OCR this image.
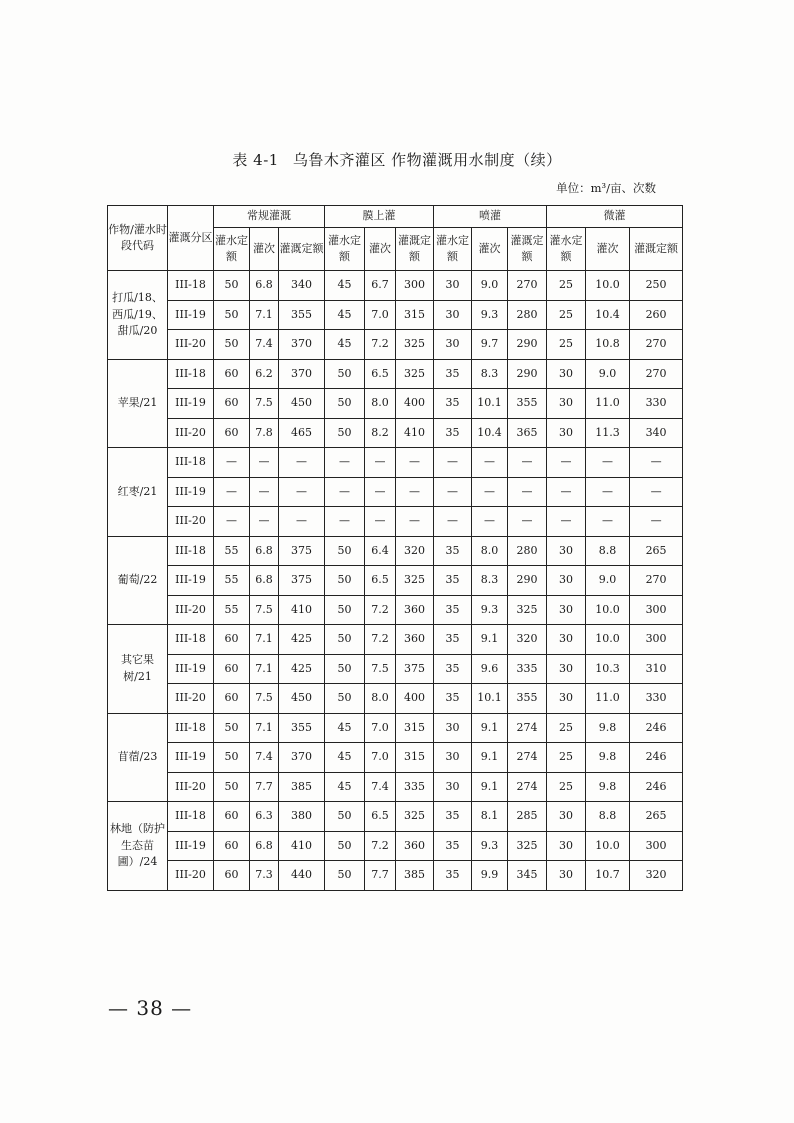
表 4-1 乌鲁木齐灌区 作物灌溉用水制度（续）
单位：m³/亩、次数
作物/灌水时段代码	灌溉分区	常规灌溉			膜上灌			喷灌			微灌		
		灌水定额	灌次	灌溉定额	灌水定额	灌次	灌溉定额	灌水定额	灌次	灌溉定额	灌水定额	灌次	灌溉定额
打瓜/18、西瓜/19、甜瓜/20	III-18	50	6.8	340	45	6.7	300	30	9.0	270	25	10.0	250
	III-19	50	7.1	355	45	7.0	315	30	9.3	280	25	10.4	260
	III-20	50	7.4	370	45	7.2	325	30	9.7	290	25	10.8	270
苹果/21	III-18	60	6.2	370	50	6.5	325	35	8.3	290	30	9.0	270
	III-19	60	7.5	450	50	8.0	400	35	10.1	355	30	11.0	330
	III-20	60	7.8	465	50	8.2	410	35	10.4	365	30	11.3	340
红枣/21	III-18	—	—	—	—	—	—	—	—	—	—	—	—
	III-19	—	—	—	—	—	—	—	—	—	—	—	—
	III-20	—	—	—	—	—	—	—	—	—	—	—	—
葡萄/22	III-18	55	6.8	375	50	6.4	320	35	8.0	280	30	8.8	265
	III-19	55	6.8	375	50	6.5	325	35	8.3	290	30	9.0	270
	III-20	55	7.5	410	50	7.2	360	35	9.3	325	30	10.0	300
其它果树/21	III-18	60	7.1	425	50	7.2	360	35	9.1	320	30	10.0	300
	III-19	60	7.1	425	50	7.5	375	35	9.6	335	30	10.3	310
	III-20	60	7.5	450	50	8.0	400	35	10.1	355	30	11.0	330
苜蓿/23	III-18	50	7.1	355	45	7.0	315	30	9.1	274	25	9.8	246
	III-19	50	7.4	370	45	7.0	315	30	9.1	274	25	9.8	246
	III-20	50	7.7	385	45	7.4	335	30	9.1	274	25	9.8	246
林地（防护生态苗圃）/24	III-18	60	6.3	380	50	6.5	325	35	8.1	285	30	8.8	265
	III-19	60	6.8	410	50	7.2	360	35	9.3	325	30	10.0	300
	III-20	60	7.3	440	50	7.7	385	35	9.9	345	30	10.7	320
— 38 —
